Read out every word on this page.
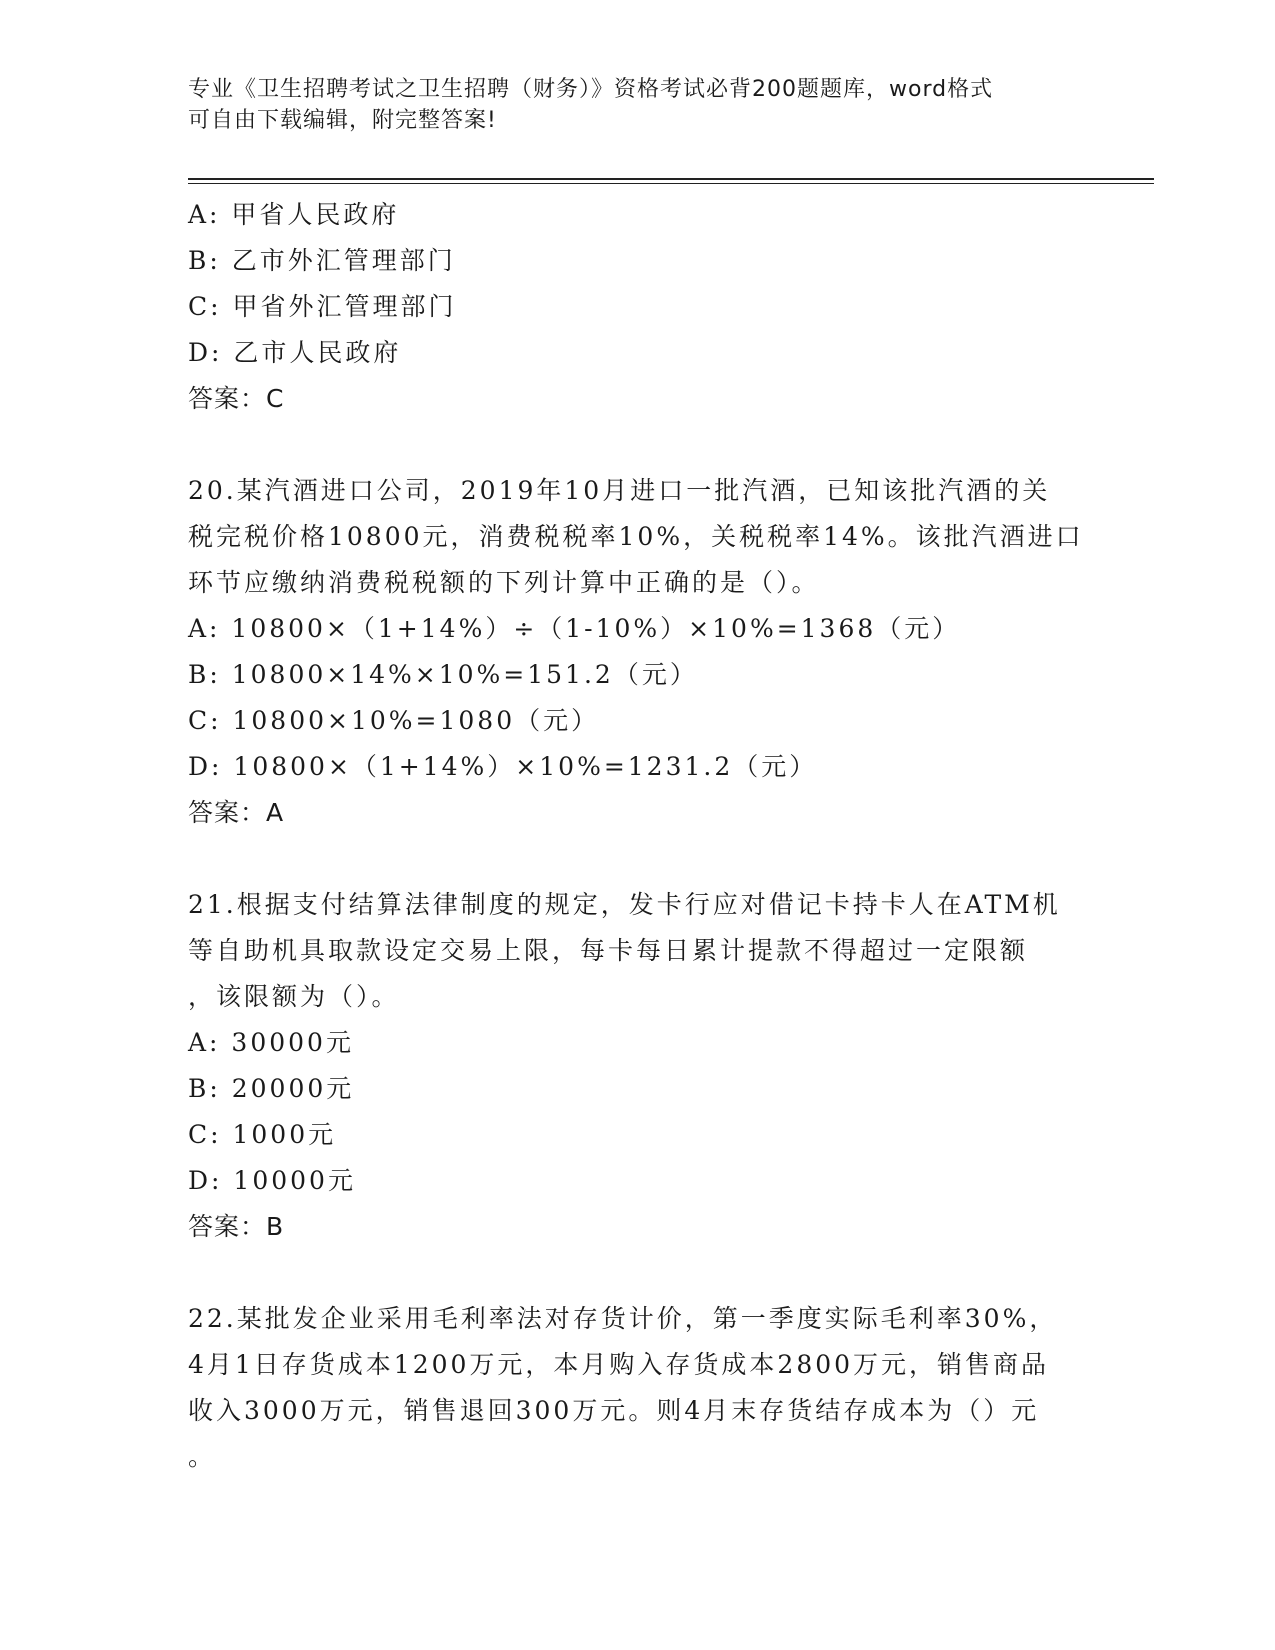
专业《卫生招聘考试之卫生招聘（财务）》资格考试必背200题题库，word格式
可自由下载编辑，附完整答案!
A: 甲省人民政府
B: 乙市外汇管理部门
C: 甲省外汇管理部门
D: 乙市人民政府
答案：C
20.某汽酒进口公司，2019年10月进口一批汽酒，已知该批汽酒的关
税完税价格10800元，消费税税率10%，关税税率14%。该批汽酒进口
环节应缴纳消费税税额的下列计算中正确的是（）。
A: 10800×（1+14%）÷（1-10%）×10%=1368（元）
B: 10800×14%×10%=151.2（元）
C: 10800×10%=1080（元）
D: 10800×（1+14%）×10%=1231.2（元）
答案：A
21.根据支付结算法律制度的规定，发卡行应对借记卡持卡人在ATM机
等自助机具取款设定交易上限，每卡每日累计提款不得超过一定限额
，该限额为（）。
A: 30000元
B: 20000元
C: 1000元
D: 10000元
答案：B
22.某批发企业采用毛利率法对存货计价，第一季度实际毛利率30%，
4月1日存货成本1200万元，本月购入存货成本2800万元，销售商品
收入3000万元，销售退回300万元。则4月末存货结存成本为（）元
。
